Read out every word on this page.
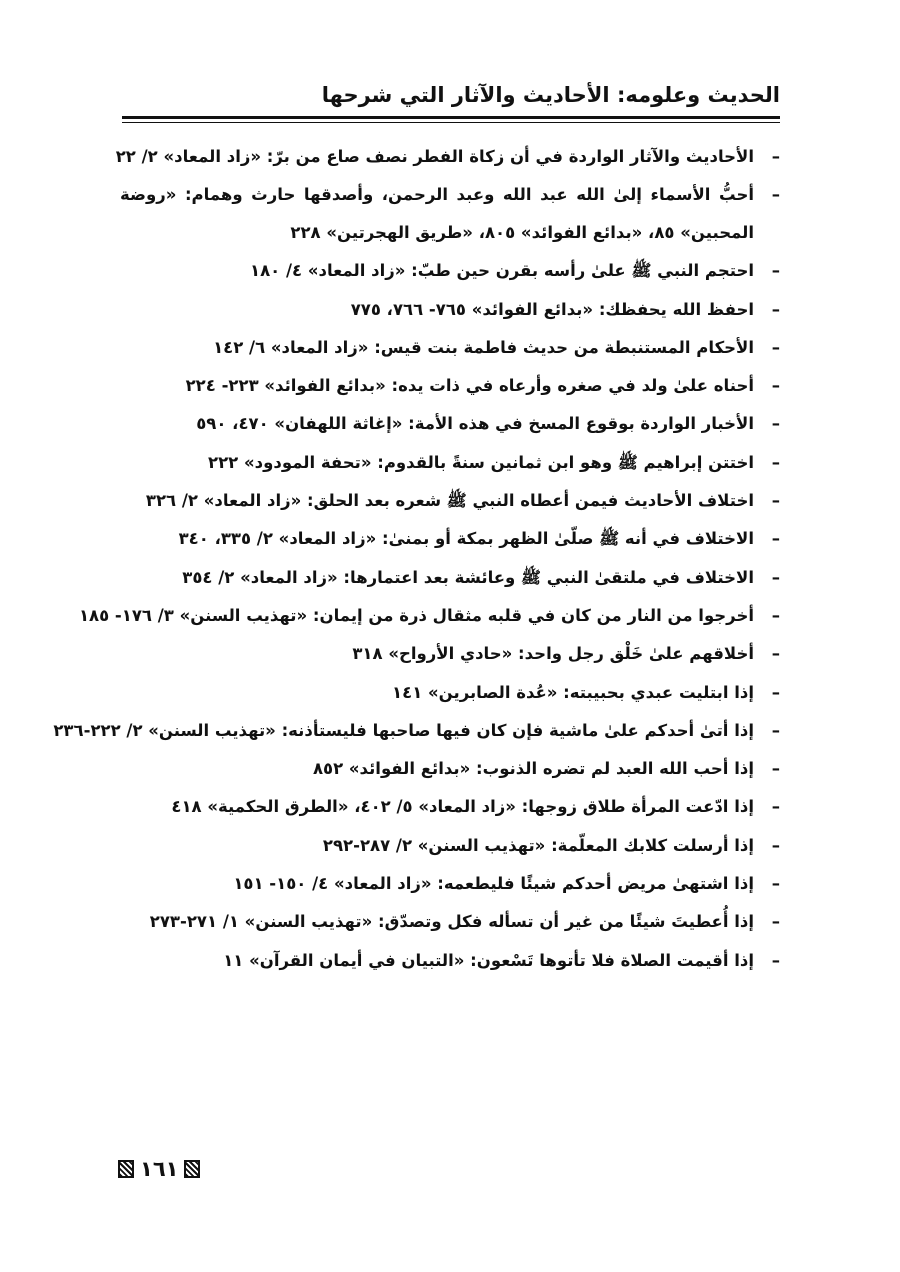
الحديث وعلومه: الأحاديث والآثار التي شرحها
–
الأحاديث والآثار الواردة في أن زكاة الفطر نصف صاع من برّ: «زاد المعاد» ٢/ ٢٢
–
أحبُّ الأسماء إلىٰ الله عبد الله وعبد الرحمن، وأصدقها حارث وهمام: «روضة المحبين» ٨٥، «بدائع الفوائد» ٨٠٥، «طريق الهجرتين» ٢٢٨
–
احتجم النبي ﷺ علىٰ رأسه بقرن حين طبّ: «زاد المعاد» ٤/ ١٨٠
–
احفظ الله يحفظك: «بدائع الفوائد» ٧٦٥- ٧٦٦، ٧٧٥
–
الأحكام المستنبطة من حديث فاطمة بنت قيس: «زاد المعاد» ٦/ ١٤٢
–
أحناه علىٰ ولد في صغره وأرعاه في ذات يده: «بدائع الفوائد» ٢٢٣- ٢٢٤
–
الأخبار الواردة بوقوع المسخ في هذه الأمة: «إغاثة اللهفان» ٤٧٠، ٥٩٠
–
اختتن إبراهيم ﷺ وهو ابن ثمانين سنةً بالقدوم: «تحفة المودود» ٢٢٢
–
اختلاف الأحاديث فيمن أعطاه النبي ﷺ شعره بعد الحلق: «زاد المعاد» ٢/ ٣٢٦
–
الاختلاف في أنه ﷺ صلّىٰ الظهر بمكة أو بمنىٰ: «زاد المعاد» ٢/ ٣٣٥، ٣٤٠
–
الاختلاف في ملتقىٰ النبي ﷺ وعائشة بعد اعتمارها: «زاد المعاد» ٢/ ٣٥٤
–
أخرجوا من النار من كان في قلبه مثقال ذرة من إيمان: «تهذيب السنن» ٣/ ١٧٦- ١٨٥
–
أخلاقهم علىٰ خَلْق رجل واحد: «حادي الأرواح» ٣١٨
–
إذا ابتليت عبدي بحبيبته: «عُدة الصابرين» ١٤١
–
إذا أتىٰ أحدكم علىٰ ماشية فإن كان فيها صاحبها فليستأذنه: «تهذيب السنن» ٢/ ٢٢٢-٢٣٦
–
إذا أحب الله العبد لم تضره الذنوب: «بدائع الفوائد» ٨٥٢
–
إذا ادّعت المرأة طلاق زوجها: «زاد المعاد» ٥/ ٤٠٢، «الطرق الحكمية» ٤١٨
–
إذا أرسلت كلابك المعلّمة: «تهذيب السنن» ٢/ ٢٨٧-٢٩٢
–
إذا اشتهىٰ مريض أحدكم شيئًا فليطعمه: «زاد المعاد» ٤/ ١٥٠- ١٥١
–
إذا أُعطيتَ شيئًا من غير أن تسأله فكل وتصدّق: «تهذيب السنن» ١/ ٢٧١-٢٧٣
–
إذا أقيمت الصلاة فلا تأتوها تَسْعون: «التبيان في أيمان القرآن» ١١
١٦١
